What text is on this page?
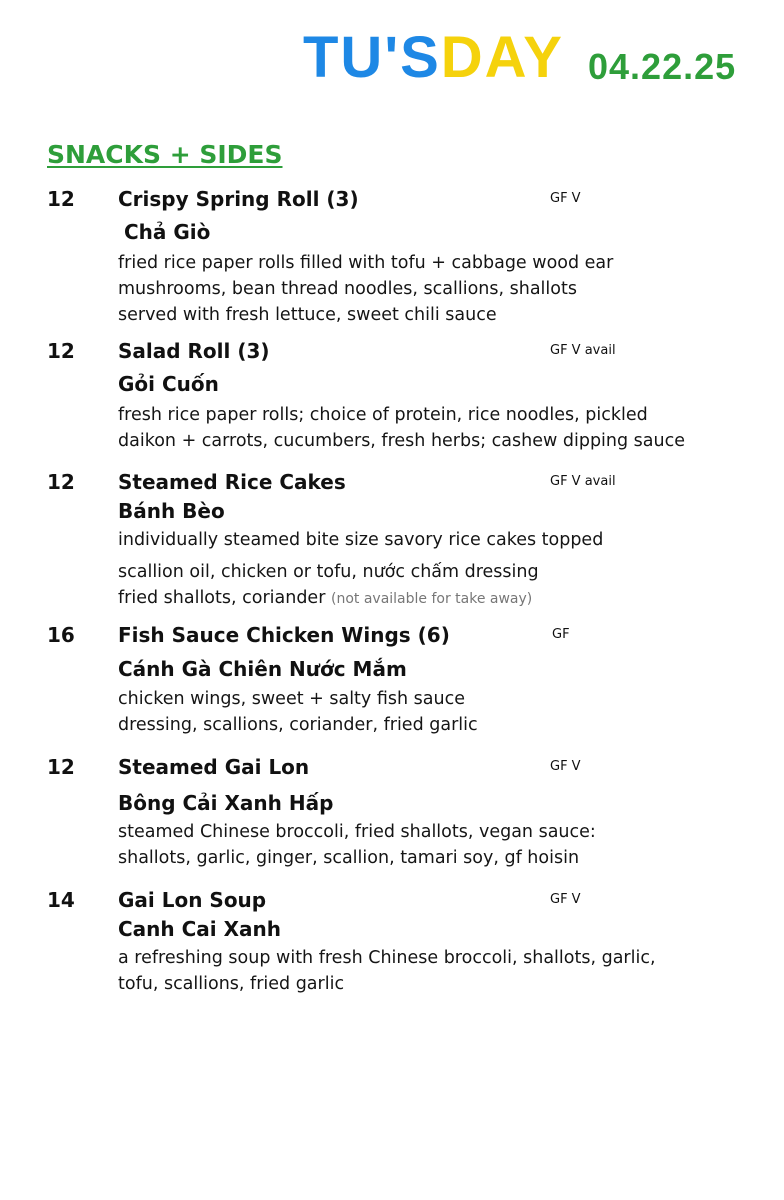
TU'SDAY 04.22.25
SNACKS + SIDES
12 Crispy Spring Roll (3)	GF V
Chả Giò
fried rice paper rolls filled with tofu + cabbage wood ear
mushrooms, bean thread noodles, scallions, shallots
served with fresh lettuce, sweet chili sauce
12 Salad Roll (3)	GF V avail
Gỏi Cuốn
fresh rice paper rolls; choice of protein, rice noodles, pickled
daikon + carrots, cucumbers, fresh herbs; cashew dipping sauce
12 Steamed Rice Cakes	GF V avail
Bánh Bèo
individually steamed bite size savory rice cakes topped
scallion oil, chicken or tofu, nước chấm dressing
fried shallots, coriander (not available for take away)
16 Fish Sauce Chicken Wings (6)	GF
Cánh Gà Chiên Nước Mắm
chicken wings, sweet + salty fish sauce
dressing, scallions, coriander, fried garlic
12 Steamed Gai Lon	GF V
Bông Cải Xanh Hấp
steamed Chinese broccoli, fried shallots, vegan sauce:
shallots, garlic, ginger, scallion, tamari soy, gf hoisin
14 Gai Lon Soup	GF V
Canh Cai Xanh
a refreshing soup with fresh Chinese broccoli, shallots, garlic,
tofu, scallions, fried garlic
